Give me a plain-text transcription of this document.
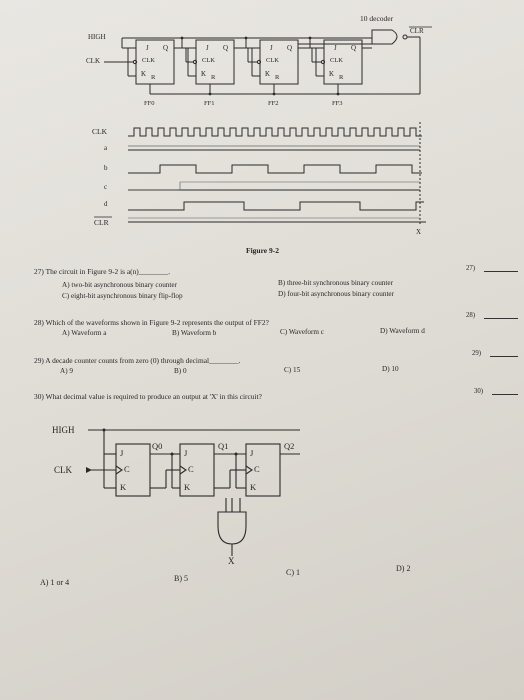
10 decoder
CLR
HIGH
CLK
J Q
CLK
K R
J Q
CLK
K R
J Q
CLK
K R
J Q
CLK
K R
FF0	FF1	FF2	FF3
CLK
a
b
c
d
CLR
X
Figure 9-2
27) The circuit in Figure 9-2 is a(n)________.	27)
A) two-bit asynchronous binary counter	B) three-bit synchronous binary counter
C) eight-bit asynchronous binary flip-flop	D) four-bit asynchronous binary counter
28) Which of the waveforms shown in Figure 9-2 represents the output of FF2?
28)
A) Waveform a	B) Waveform b	C) Waveform c	D) Waveform d
29) A decade counter counts from zero (0) through decimal________.
29)
A) 9	B) 0	C) 15	D) 10
30) What decimal value is required to produce an output at 'X' in this circuit?
30)
HIGH
CLK
J
C
K
J
C
K
J
C
K
Q0	Q1	Q2
X
A) 1 or 4	B) 5
C) 1	D) 2
